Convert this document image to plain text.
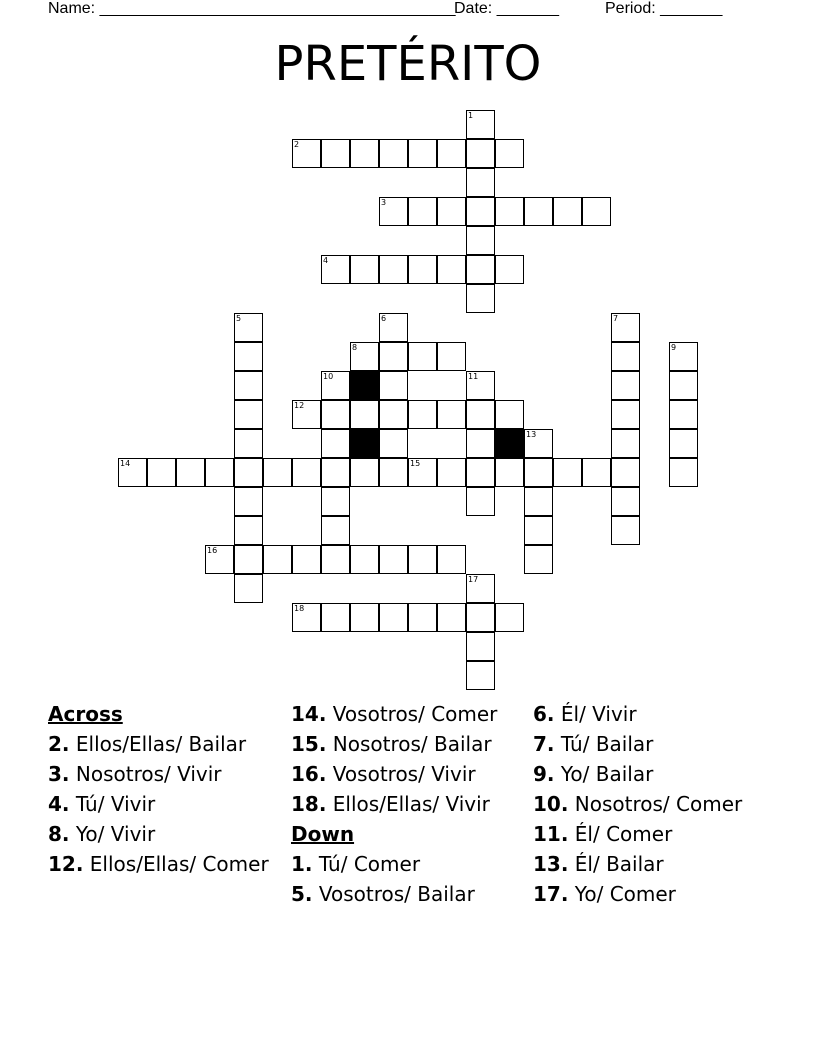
Name: ________________________________________
Date: _______	Period: _______
PRETÉRITO
1
2
3
4
5	6	7
8	9
10	11
12
13
14	15
16
17
18
Across
2. Ellos/Ellas/ Bailar
3. Nosotros/ Vivir
4. Tú/ Vivir
8. Yo/ Vivir
12. Ellos/Ellas/ Comer
14. Vosotros/ Comer
15. Nosotros/ Bailar
16. Vosotros/ Vivir
18. Ellos/Ellas/ Vivir
Down
1. Tú/ Comer
5. Vosotros/ Bailar
6. Él/ Vivir
7. Tú/ Bailar
9. Yo/ Bailar
10. Nosotros/ Comer
11. Él/ Comer
13. Él/ Bailar
17. Yo/ Comer
